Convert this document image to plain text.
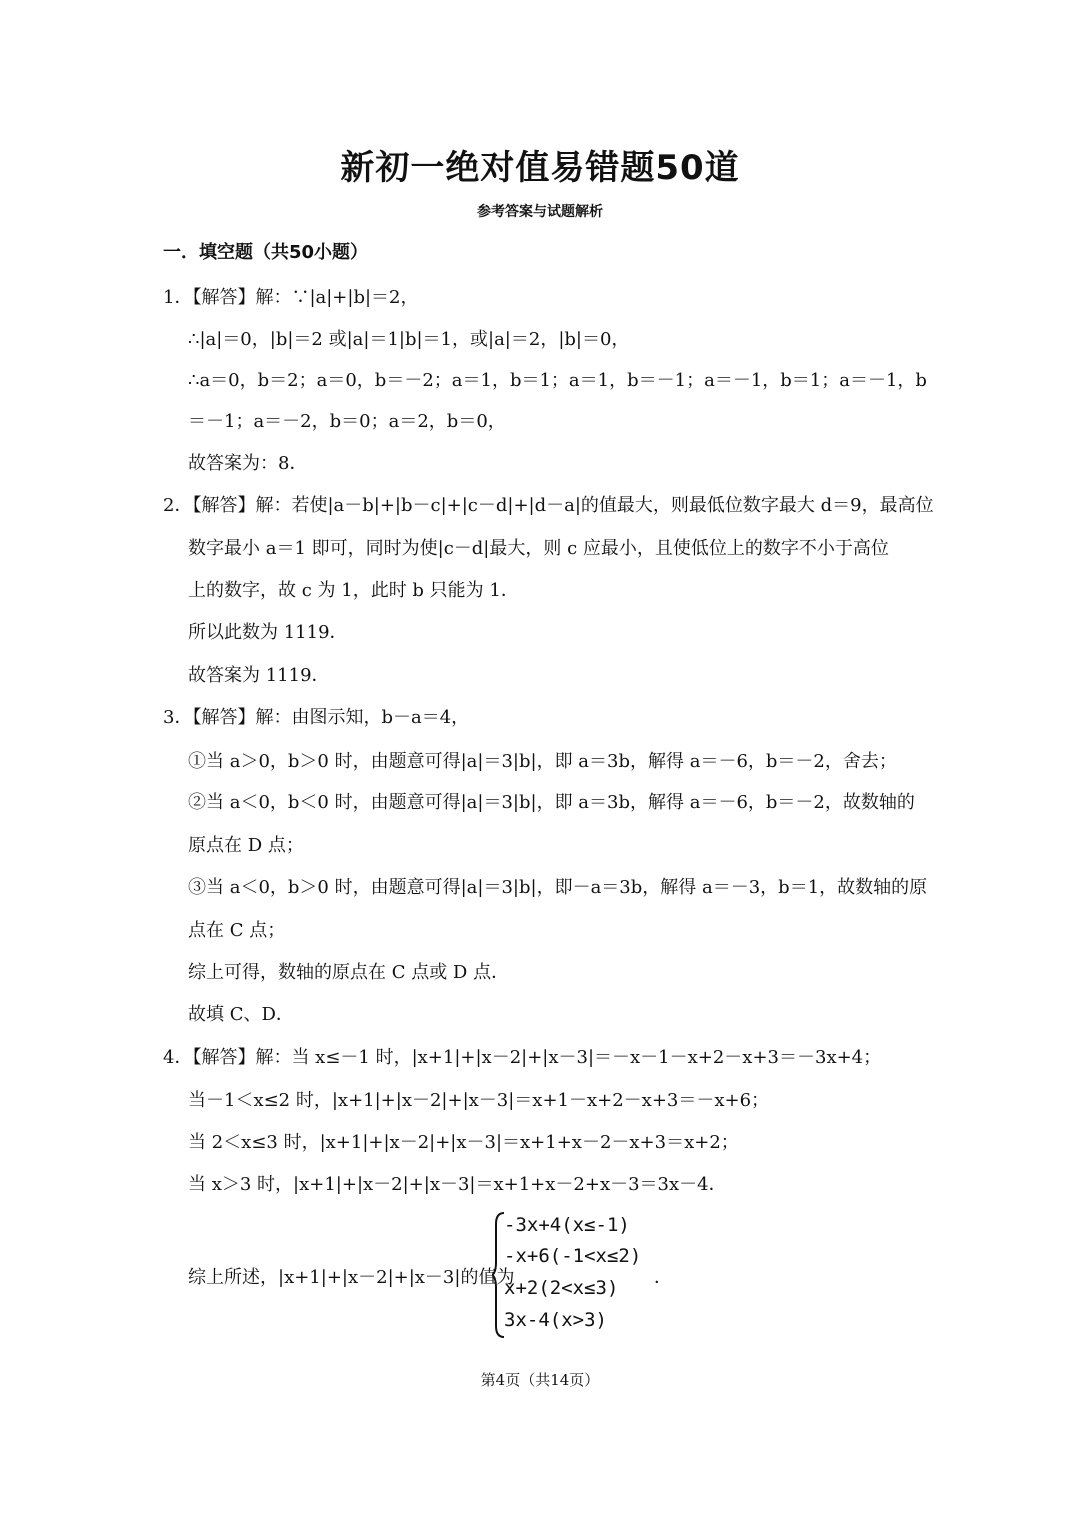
新初一绝对值易错题50道
参考答案与试题解析
一．填空题（共50小题）
1．【解答】解：∵|a|+|b|＝2，
∴|a|＝0，|b|＝2 或|a|＝1|b|＝1，或|a|＝2，|b|＝0，
∴a＝0，b＝2；a＝0，b＝－2；a＝1，b＝1；a＝1，b＝－1；a＝－1，b＝1；a＝－1，b
＝－1；a＝－2，b＝0；a＝2，b＝0，
故答案为：8．
2．【解答】解：若使|a－b|+|b－c|+|c－d|+|d－a|的值最大，则最低位数字最大 d＝9，最高位
数字最小 a＝1 即可，同时为使|c－d|最大，则 c 应最小，且使低位上的数字不小于高位
上的数字，故 c 为 1，此时 b 只能为 1．
所以此数为 1119．
故答案为 1119．
3．【解答】解：由图示知，b－a＝4，
①当 a＞0，b＞0 时，由题意可得|a|＝3|b|，即 a＝3b，解得 a＝－6，b＝－2，舍去；
②当 a＜0，b＜0 时，由题意可得|a|＝3|b|，即 a＝3b，解得 a＝－6，b＝－2，故数轴的
原点在 D 点；
③当 a＜0，b＞0 时，由题意可得|a|＝3|b|，即－a＝3b，解得 a＝－3，b＝1，故数轴的原
点在 C 点；
综上可得，数轴的原点在 C 点或 D 点．
故填 C、D．
4．【解答】解：当 x≤－1 时，|x+1|+|x－2|+|x－3|＝－x－1－x+2－x+3＝－3x+4；
当－1＜x≤2 时，|x+1|+|x－2|+|x－3|＝x+1－x+2－x+3＝－x+6；
当 2＜x≤3 时，|x+1|+|x－2|+|x－3|＝x+1+x－2－x+3＝x+2；
当 x＞3 时，|x+1|+|x－2|+|x－3|＝x+1+x－2+x－3＝3x－4．
综上所述，|x+1|+|x－2|+|x－3|的值为
-3x+4(x≤-1)
-x+6(-1<x≤2)
x+2(2<x≤3)
3x-4(x>3)
．
第4页（共14页）
